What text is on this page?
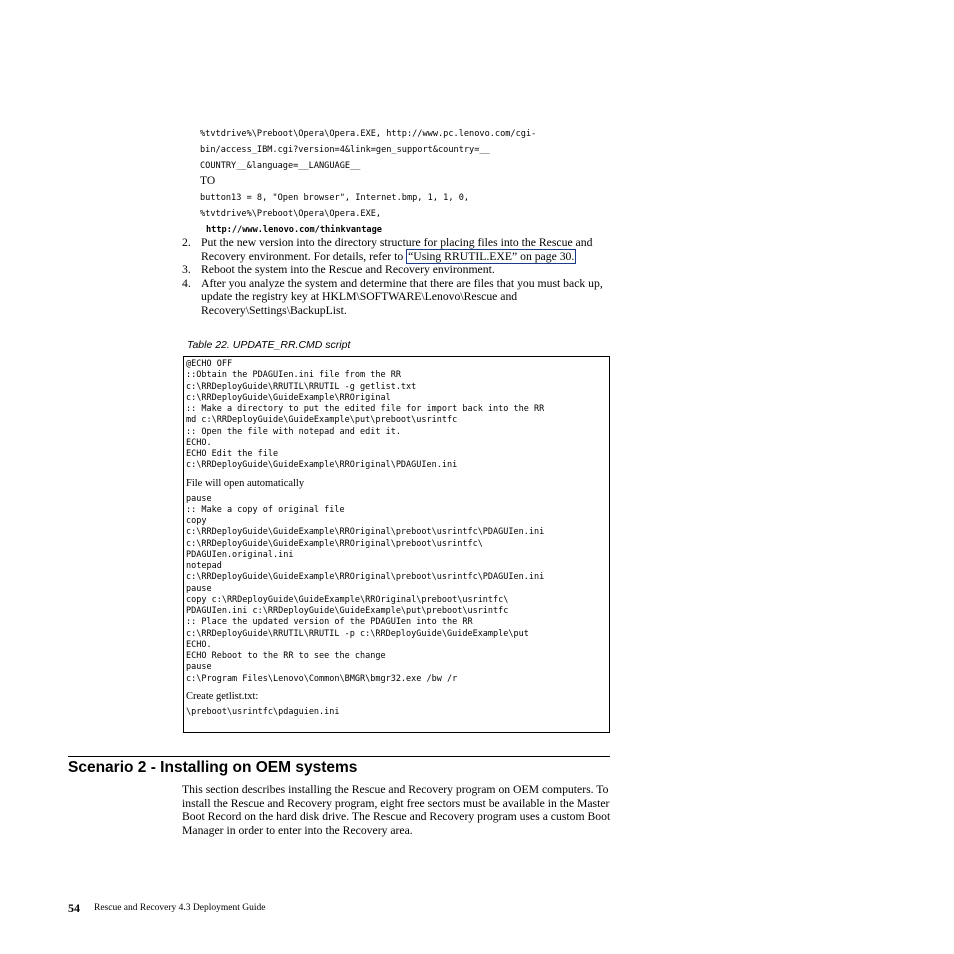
%tvtdrive%\Preboot\Opera\Opera.EXE, http://www.pc.lenovo.com/cgi-
bin/access_IBM.cgi?version=4&link=gen_support&country=__
COUNTRY__&language=__LANGUAGE__
TO
button13 = 8, "Open browser", Internet.bmp, 1, 1, 0,
%tvtdrive%\Preboot\Opera\Opera.EXE,
http://www.lenovo.com/thinkvantage
2. Put the new version into the directory structure for placing files into the Rescue and Recovery environment. For details, refer to “Using RRUTIL.EXE” on page 30.
3. Reboot the system into the Rescue and Recovery environment.
4. After you analyze the system and determine that there are files that you must back up, update the registry key at HKLM\SOFTWARE\Lenovo\Rescue and Recovery\Settings\BackupList.
Table 22. UPDATE_RR.CMD script
@ECHO OFF
::Obtain the PDAGUIen.ini file from the RR
c:\RRDeployGuide\RRUTIL\RRUTIL -g getlist.txt
c:\RRDeployGuide\GuideExample\RROriginal
:: Make a directory to put the edited file for import back into the RR
md c:\RRDeployGuide\GuideExample\put\preboot\usrintfc
:: Open the file with notepad and edit it.
ECHO.
ECHO Edit the file
c:\RRDeployGuide\GuideExample\RROriginal\PDAGUIen.ini
File will open automatically
pause
:: Make a copy of original file
copy
c:\RRDeployGuide\GuideExample\RROriginal\preboot\usrintfc\PDAGUIen.ini
c:\RRDeployGuide\GuideExample\RROriginal\preboot\usrintfc\
PDAGUIen.original.ini
notepad
c:\RRDeployGuide\GuideExample\RROriginal\preboot\usrintfc\PDAGUIen.ini
pause
copy c:\RRDeployGuide\GuideExample\RROriginal\preboot\usrintfc\
PDAGUIen.ini c:\RRDeployGuide\GuideExample\put\preboot\usrintfc
:: Place the updated version of the PDAGUIen into the RR
c:\RRDeployGuide\RRUTIL\RRUTIL -p c:\RRDeployGuide\GuideExample\put
ECHO.
ECHO Reboot to the RR to see the change
pause
c:\Program Files\Lenovo\Common\BMGR\bmgr32.exe /bw /r
Create getlist.txt:
\preboot\usrintfc\pdaguien.ini
Scenario 2 - Installing on OEM systems
This section describes installing the Rescue and Recovery program on OEM computers. To install the Rescue and Recovery program, eight free sectors must be available in the Master Boot Record on the hard disk drive. The Rescue and Recovery program uses a custom Boot Manager in order to enter into the Recovery area.
54 Rescue and Recovery 4.3 Deployment Guide
